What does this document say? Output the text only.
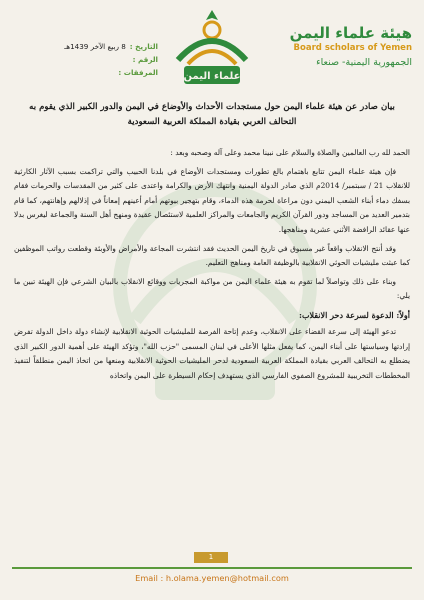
التاريخ :
8 ربيع الآخر 1439هـ
الرقم :
المرفقات :	علماء اليمن
هيئة علماء اليمن
Board scholars of Yemen
الجمهورية اليمنية- صنعاء
بيان صادر عن هيئة علماء اليمن حول مستجدات الأحداث والأوضاع في اليمن والدور الكبير الذي يقوم به التحالف العربي بقيادة المملكة العربية السعودية

الحمد لله رب العالمين والصلاة والسلام على نبينا محمد وعلى آله وصحبه وبعد :

فإن هيئة علماء اليمن تتابع باهتمام بالغ تطورات ومستجدات الأوضاع في بلدنا الحبيب والتي تراكمت بسبب الآثار الكارثية للانقلاب 21 / سبتمبر/ 2014م الذي صادر الدولة اليمنية وانتهك الأرض والكرامة واعتدى على كثير من المقدسات والحرمات فقام بسفك دماء أبناء الشعب اليمني دون مراعاة لحرمة هذه الدماء، وقام بتهجير بيوتهم أمام أعينهم إمعاناً في إذلالهم وإهانتهم، كما قام بتدمير العديد من المساجد ودور القرآن الكريم والجامعات والمراكز العلمية لاستئصال عقيدة ومنهج أهل السنة والجماعة ليغرس بدلا عنها عقائد الرافضة الأثني عشرية ومناهجها.

وقد أنتج الانقلاب واقعاً غير مسبوق في تاريخ اليمن الحديث فقد انتشرت المجاعة والأمراض والأوبئة وقطعت رواتب الموظفين كما عبثت مليشيات الحوثي الانقلابية بالوظيفة العامة ومناهج التعليم.

وبناء على ذلك وتواصلاً لما تقوم به هيئة علماء اليمن من مواكبة المجريات ووقائع الانقلاب بالبيان الشرعي فإن الهيئة تبين ما يلي:

أولاً: الدعوة لسرعة دحر الانقلاب:

تدعو الهيئة إلى سرعة القضاء على الانقلاب، وعدم إتاحة الفرصة للمليشيات الحوثية الانقلابية لإنشاء دولة داخل الدولة تفرض إرادتها وسياستها على أبناء اليمن، كما يفعل مثلها الأعلى في لبنان المسمى "حزب الله"، وتؤكد الهيئة على أهمية الدور الكبير الذي يضطلع به التحالف العربي بقيادة المملكة العربية السعودية لدحر المليشيات الحوثية الانقلابية ومنعها من اتخاذ اليمن منطلقاً لتنفيذ المخططات التخريبية للمشروع الصفوي الفارسي الذي يستهدف إحكام السيطرة على اليمن واتخاذه

1
Email : h.olama.yemen@hotmail.com
